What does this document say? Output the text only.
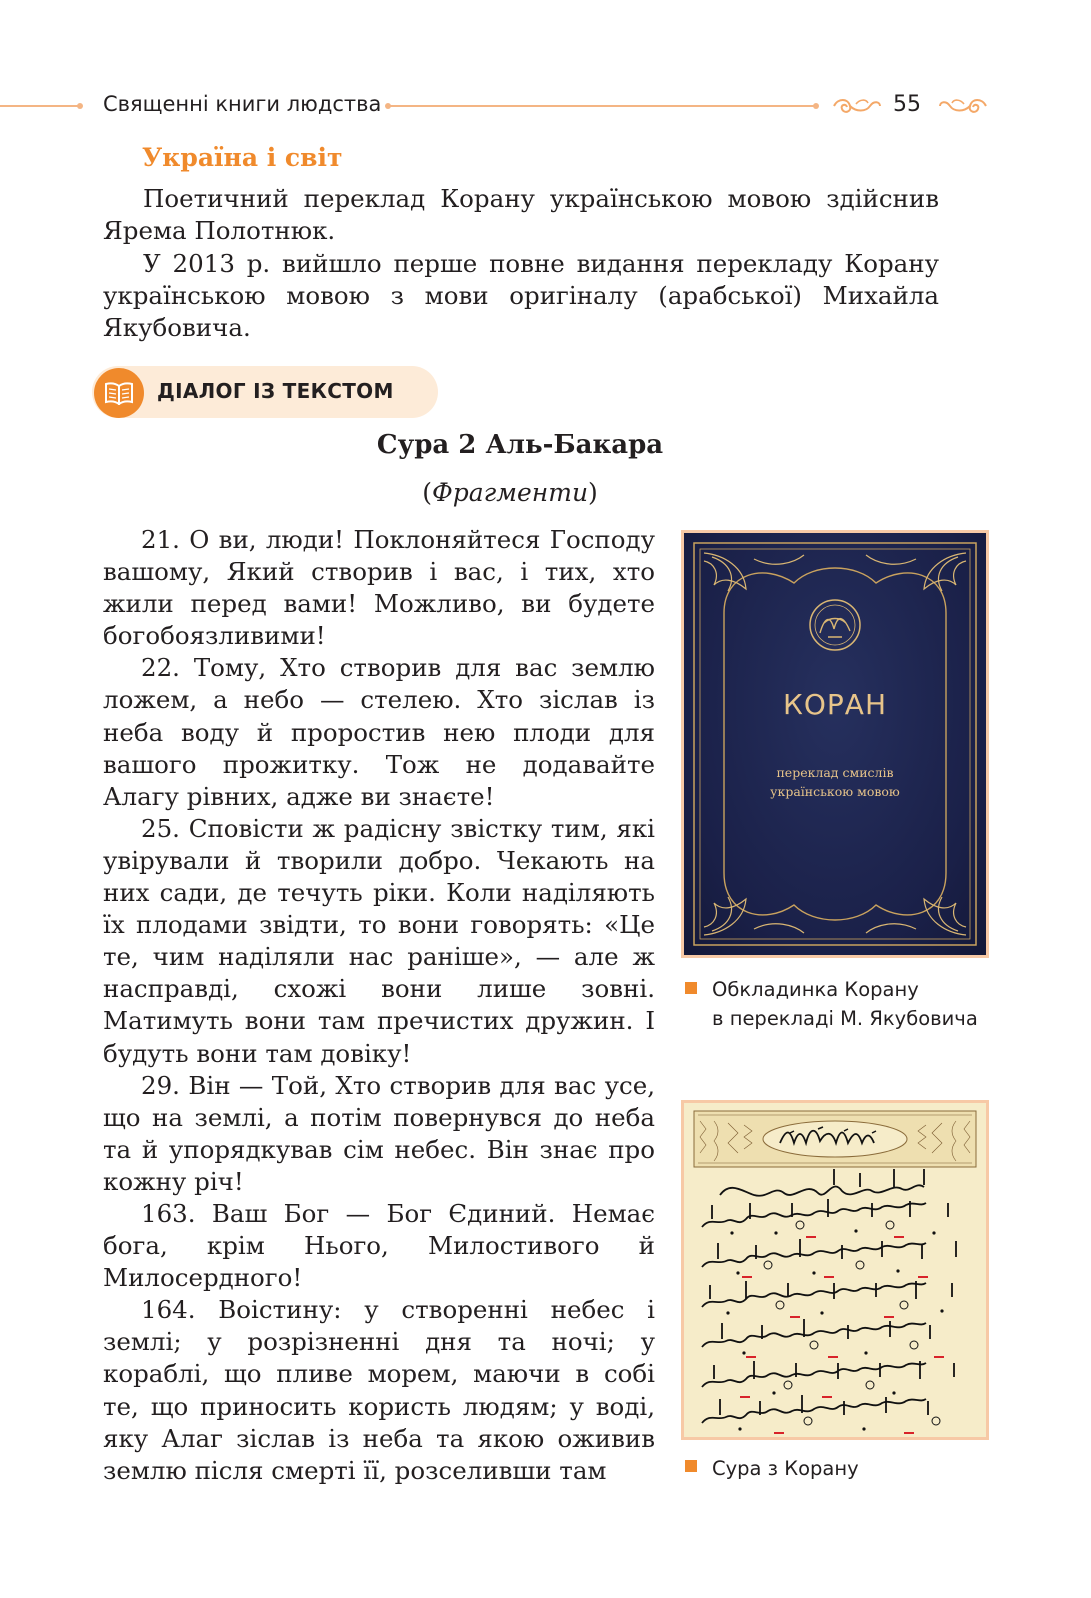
Священні книги людства	55
Україна і світ

Поетичний переклад Корану українською мовою здійснив Ярема Полотнюк.

У 2013 р. вийшло перше повне видання перекладу Корану українською мовою з мови оригіналу (арабської) Михайла Якубовича.

ДІАЛОГ ІЗ ТЕКСТОМ
Сура 2 Аль-Бакара
(Фрагменти)

21. О ви, люди! Поклоняйтеся Господу вашому, Який створив і вас, і тих, хто жили перед вами! Можливо, ви будете богобоязливими!

22. Тому, Хто створив для вас землю ложем, а небо — стелею. Хто зіслав із неба воду й проростив нею плоди для вашого прожитку. Тож не додавайте Алагу рівних, адже ви знаєте!

25. Сповісти ж радісну звістку тим, які увірували й творили добро. Чекають на них сади, де течуть ріки. Коли наділяють їх плодами звідти, то вони говорять: «Це те, чим наділяли нас раніше», — але ж насправді, схожі вони лише зовні. Матимуть вони там пречистих дружин. І будуть вони там довіку!

29. Він — Той, Хто створив для вас усе, що на землі, а потім повернувся до неба та й упорядкував сім небес. Він знає про кожну річ!

163. Ваш Бог — Бог Єдиний. Немає бога, крім Нього, Милостивого й Милосердного!

164. Воістину: у створенні небес і землі; у розрізненні дня та ночі; у кораблі, що пливе морем, маючи в собі те, що приносить користь людям; у воді, яку Алаг зіслав із неба та якою оживив землю після смерті її, розселивши там

КОРАН
переклад смислів
українською мовою
Обкладинка Корану
в перекладі М. Якубовича
Сура з Корану
